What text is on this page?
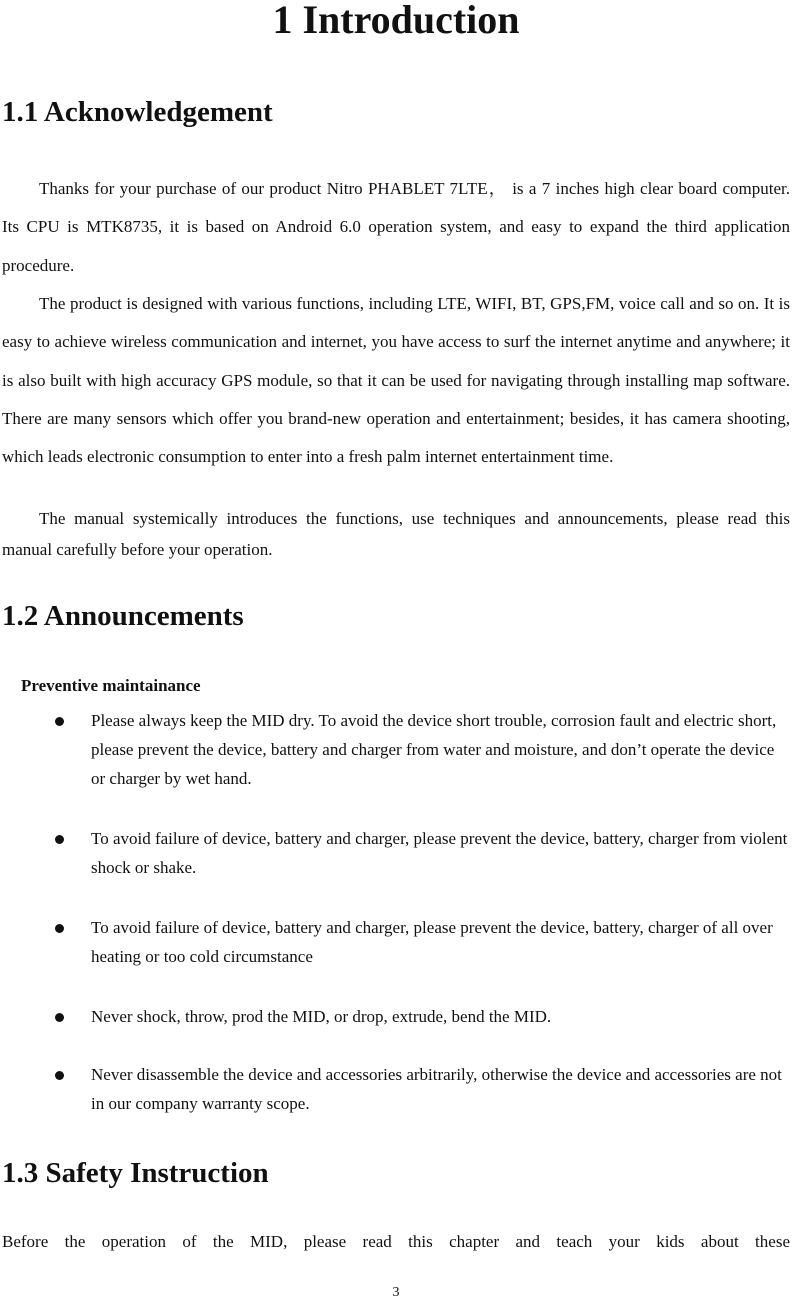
1 Introduction
1.1 Acknowledgement

Thanks for your purchase of our product Nitro PHABLET 7LTE， is a 7 inches high clear board computer. Its CPU is MTK8735, it is based on Android 6.0 operation system, and easy to expand the third application procedure.

The product is designed with various functions, including LTE, WIFI, BT, GPS,FM, voice call and so on. It is easy to achieve wireless communication and internet, you have access to surf the internet anytime and anywhere; it is also built with high accuracy GPS module, so that it can be used for navigating through installing map software. There are many sensors which offer you brand-new operation and entertainment; besides, it has camera shooting, which leads electronic consumption to enter into a fresh palm internet entertainment time.

The manual systemically introduces the functions, use techniques and announcements, please read this manual carefully before your operation.

1.2 Announcements
Preventive maintainance
Please always keep the MID dry. To avoid the device short trouble, corrosion fault and electric short, please prevent the device, battery and charger from water and moisture, and don’t operate the device or charger by wet hand.
To avoid failure of device, battery and charger, please prevent the device, battery, charger from violent shock or shake.
To avoid failure of device, battery and charger, please prevent the device, battery, charger of all over heating or too cold circumstance
Never shock, throw, prod the MID, or drop, extrude, bend the MID.
Never disassemble the device and accessories arbitrarily, otherwise the device and accessories are not in our company warranty scope.
1.3 Safety Instruction
Before the operation of the MID, please read this chapter and teach your kids about these
3
